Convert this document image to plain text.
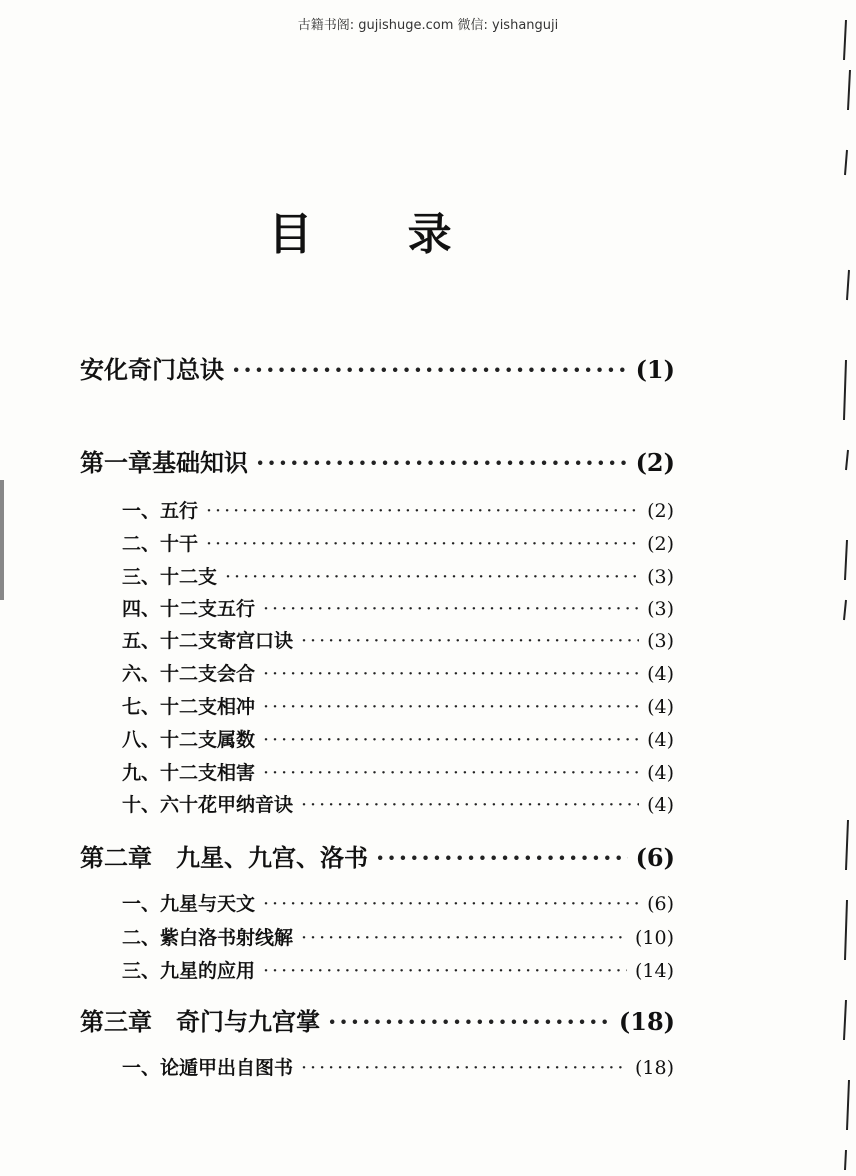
古籍书阁: gujishuge.com 微信: yishanguji
目 录
安化奇门总诀 ·····	(1)
第一章基础知识 ·····	(2)
一、五行 ·····	(2)
二、十干 ·····	(2)
三、十二支 ·····	(3)
四、十二支五行 ·····	(3)
五、十二支寄宫口诀 ·····	(3)
六、十二支会合 ·····	(4)
七、十二支相冲 ·····	(4)
八、十二支属数 ·····	(4)
九、十二支相害 ·····	(4)
十、六十花甲纳音诀 ·····	(4)
第二章　九星、九宫、洛书 ·····	(6)
一、九星与天文 ·····	(6)
二、紫白洛书射线解 ·····	(10)
三、九星的应用 ·····	(14)
第三章　奇门与九宫掌 ·····	(18)
一、论遁甲出自图书 ·····	(18)
